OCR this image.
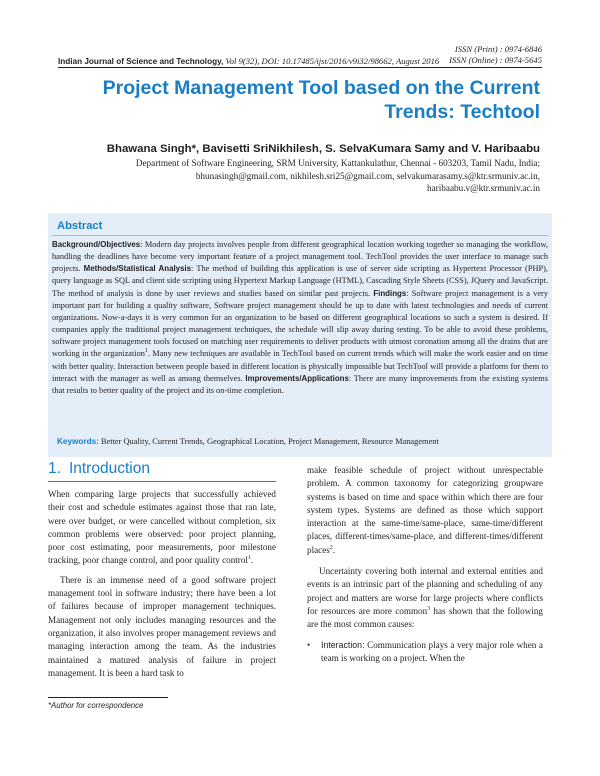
ISSN (Print) : 0974-6846
ISSN (Online) : 0974-5645
Indian Journal of Science and Technology, Vol 9(32), DOI: 10.17485/ijst/2016/v9i32/98662, August 2016
Project Management Tool based on the Current
Trends: Techtool
Bhawana Singh*, Bavisetti SriNikhilesh, S. SelvaKumara Samy and V. Haribaabu
Department of Software Engineering, SRM University, Kattankulathur, Chennai - 603203, Tamil Nadu, India;
bhunasingh@gmail.com, nikhilesh.sri25@gmail.com, selvakumarasamy.s@ktr.srmuniv.ac.in,
haribaabu.v@ktr.srmuniv.ac.in
Abstract
Background/Objectives: Modern day projects involves people from different geographical location working together so managing the workflow, handling the deadlines have become very important feature of a project management tool. TechTool provides the user interface to manage such projects. Methods/Statistical Analysis: The method of building this application is use of server side scripting as Hypertext Processor (PHP), query language as SQL and client side scripting using Hypertext Markup Language (HTML), Cascading Style Sheets (CSS), JQuery and JavaScript. The method of analysis is done by user reviews and studies based on similar past projects. Findings: Software project management is a very important part for building a quality software, Software project management should be up to date with latest technologies and needs of current organizations. Now-a-days it is very common for an organization to be based on different geographical locations so such a system is desired. If companies apply the traditional project management techniques, the schedule will slip away during testing. To be able to avoid these problems, software project management tools focused on matching user requirements to deliver products with utmost coronation among all the drains that are working in the organization$^1$. Many new techniques are available in TechTool based on current trends which will make the work easier and on time with better quality. Interaction between people based in different location is physically impossible but TechTool will provide a platform for them to interact with the manager as well as among themselves. Improvements/Applications: There are many improvements from the existing systems that results to better quality of the project and its on-time completion.
Keywords: Better Quality, Current Trends, Geographical Location, Project Management, Resource Management
1. Introduction

When comparing large projects that successfully achieved their cost and schedule estimates against those that ran late, were over budget, or were cancelled without completion, six common problems were observed: poor project planning, poor cost estimating, poor measurements, poor milestone tracking, poor change control, and poor quality control$^1$.

There is an immense need of a good software project management tool in software industry; there have been a lot of failures because of improper management techniques. Management not only includes managing resources and the organization, it also involves proper management reviews and managing interaction among the team. As the industries maintained a matured analysis of failure in project management. It is been a hard task to

make feasible schedule of project without unrespectable problem. A common taxonomy for categorizing groupware systems is based on time and space within which there are four system types. Systems are defined as those which support interaction at the same-time/same-place, same-time/different places, different-times/same-place, and different-times/different places$^2$.

Uncertainty covering both internal and external entities and events is an intrinsic part of the planning and scheduling of any project and matters are worse for large projects where conflicts for resources are more common$^3$ has shown that the following are the most common causes:

• Interaction: Communication plays a very major role when a team is working on a project. When the

*Author for correspondence
